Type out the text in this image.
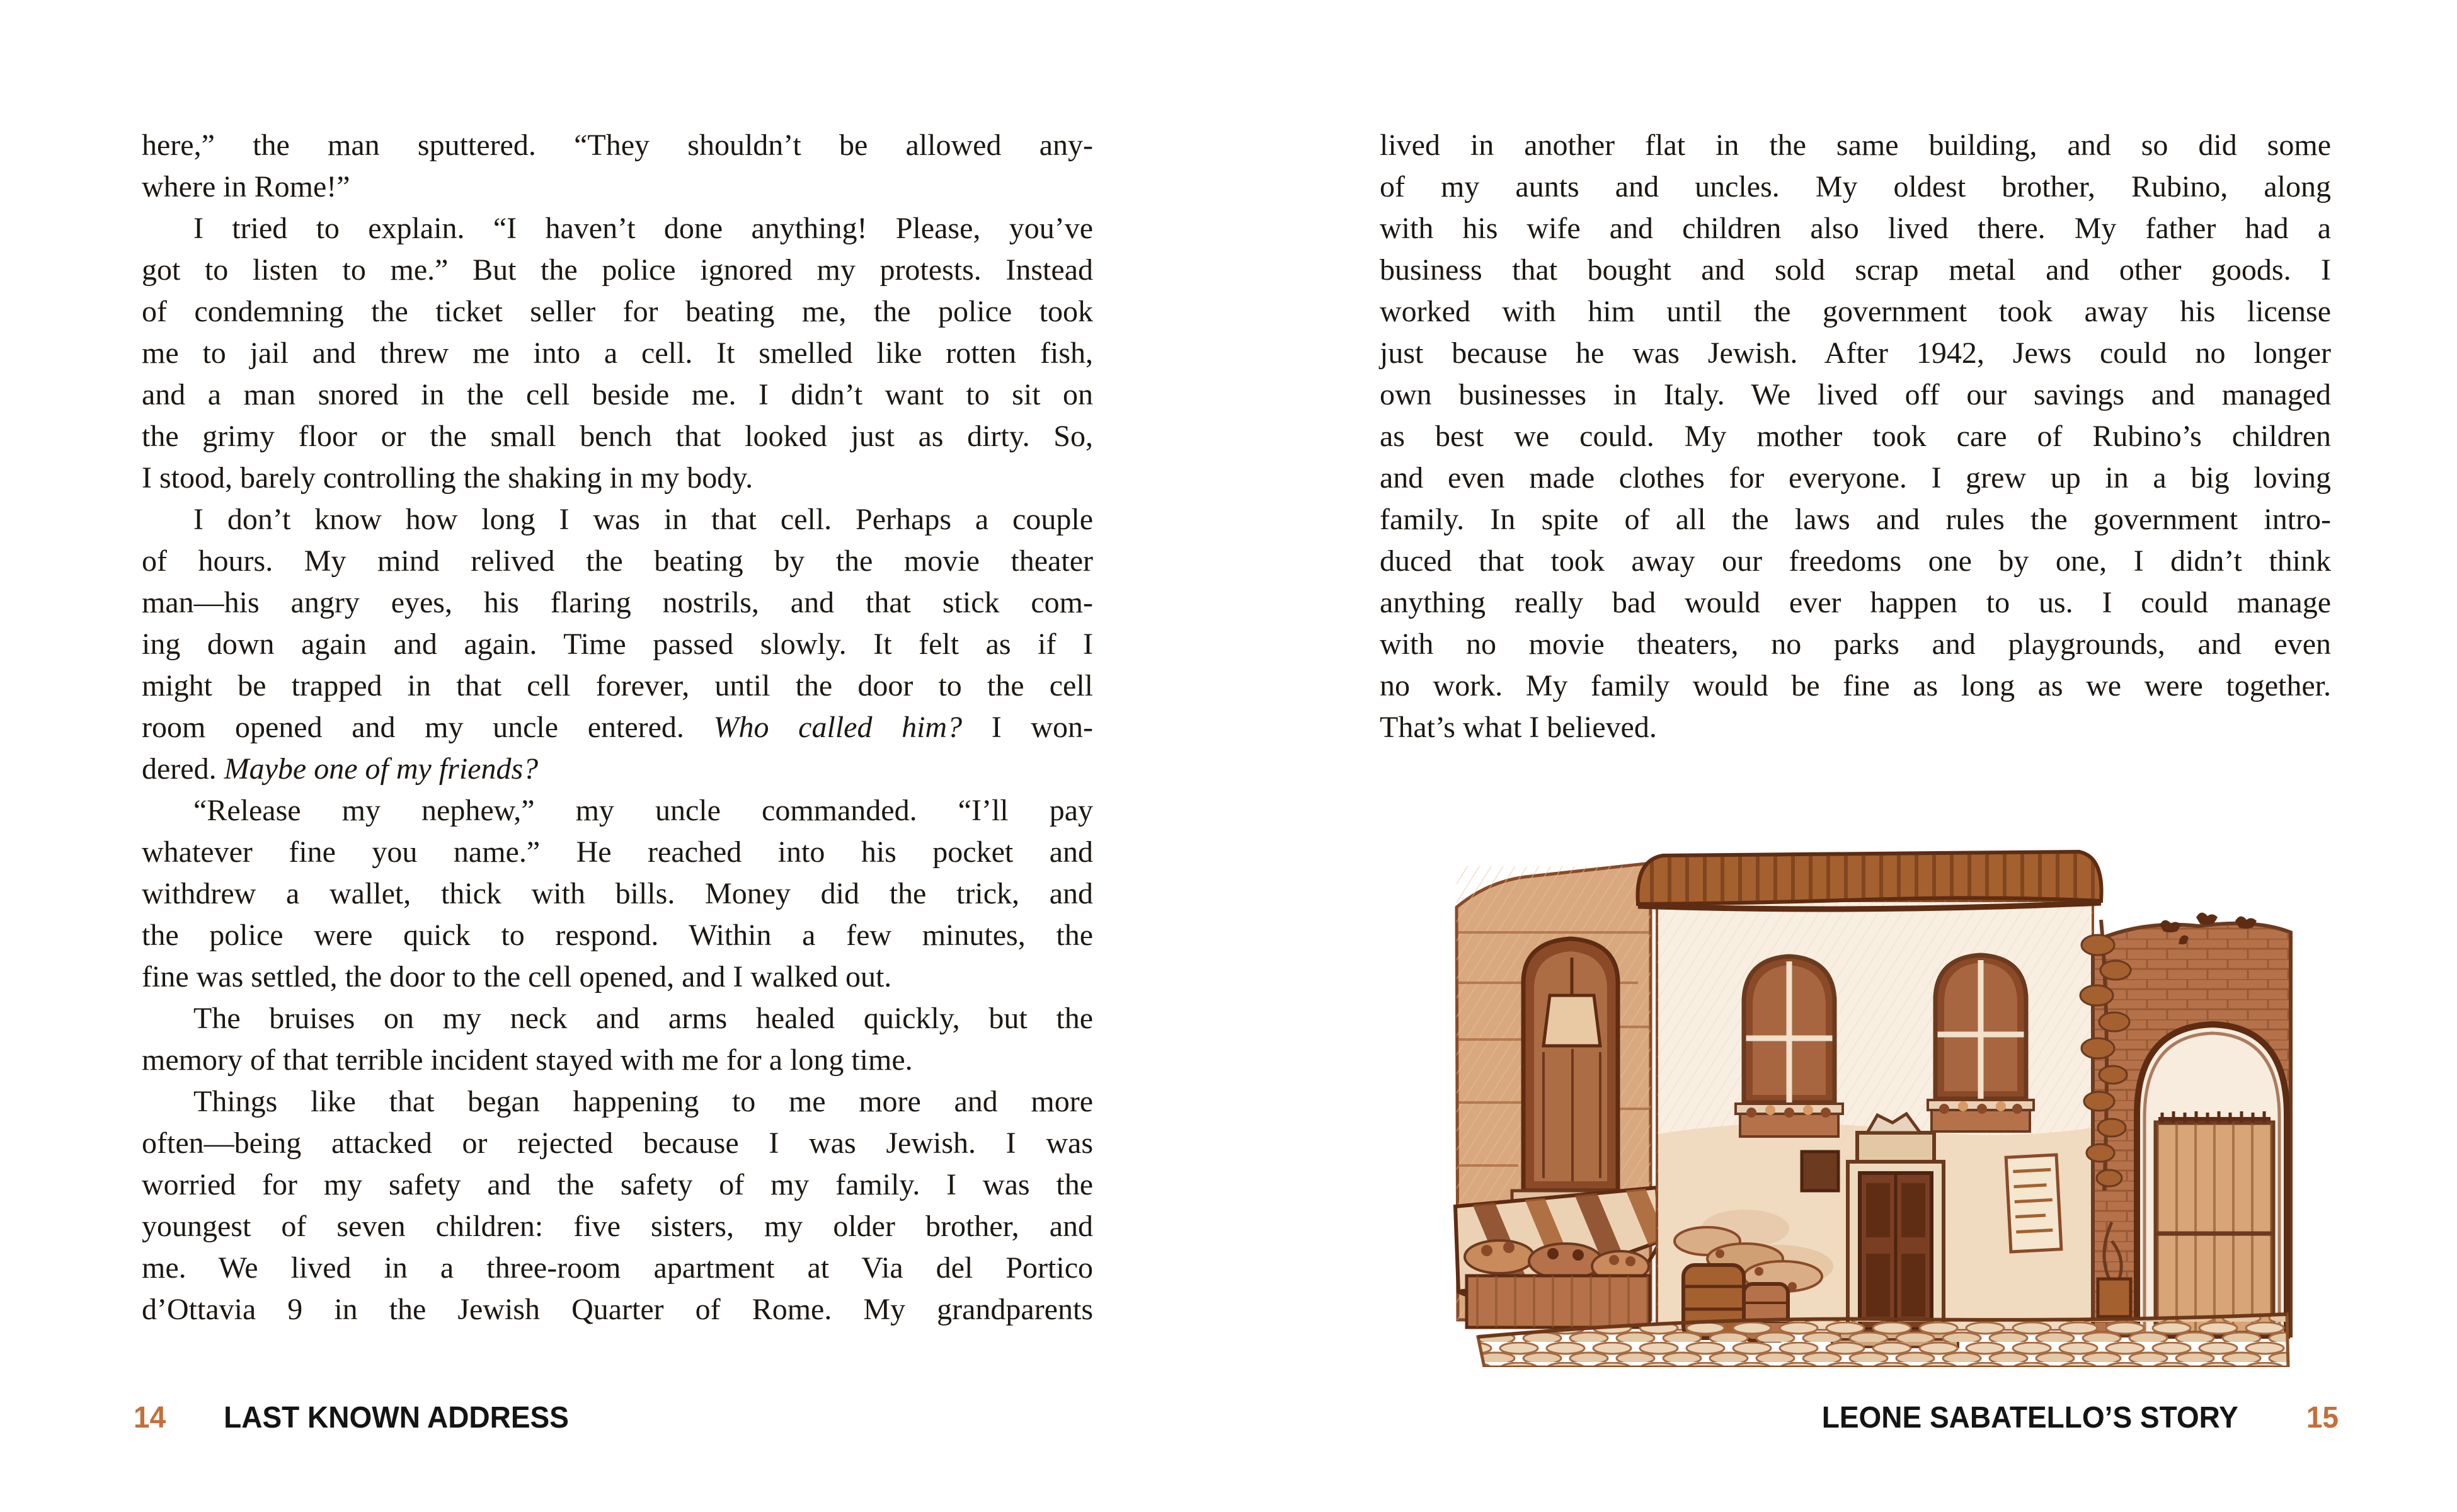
here,” the man sputtered. “They shouldn’t be allowed any-
where in Rome!”
I tried to explain. “I haven’t done anything! Please, you’ve
got to listen to me.” But the police ignored my protests. Instead
of condemning the ticket seller for beating me, the police took
me to jail and threw me into a cell. It smelled like rotten fish,
and a man snored in the cell beside me. I didn’t want to sit on
the grimy floor or the small bench that looked just as dirty. So,
I stood, barely controlling the shaking in my body.
I don’t know how long I was in that cell. Perhaps a couple
of hours. My mind relived the beating by the movie theater
man—his angry eyes, his flaring nostrils, and that stick com-
ing down again and again. Time passed slowly. It felt as if I
might be trapped in that cell forever, until the door to the cell
room opened and my uncle entered. Who called him? I won-
dered. Maybe one of my friends?
“Release my nephew,” my uncle commanded. “I’ll pay
whatever fine you name.” He reached into his pocket and
withdrew a wallet, thick with bills. Money did the trick, and
the police were quick to respond. Within a few minutes, the
fine was settled, the door to the cell opened, and I walked out.
The bruises on my neck and arms healed quickly, but the
memory of that terrible incident stayed with me for a long time.
Things like that began happening to me more and more
often—being attacked or rejected because I was Jewish. I was
worried for my safety and the safety of my family. I was the
youngest of seven children: five sisters, my older brother, and
me. We lived in a three-room apartment at Via del Portico
d’Ottavia 9 in the Jewish Quarter of Rome. My grandparents
14 LAST KNOWN ADDRESS
lived in another flat in the same building, and so did some
of my aunts and uncles. My oldest brother, Rubino, along
with his wife and children also lived there. My father had a
business that bought and sold scrap metal and other goods. I
worked with him until the government took away his license
just because he was Jewish. After 1942, Jews could no longer
own businesses in Italy. We lived off our savings and managed
as best we could. My mother took care of Rubino’s children
and even made clothes for everyone. I grew up in a big loving
family. In spite of all the laws and rules the government intro-
duced that took away our freedoms one by one, I didn’t think
anything really bad would ever happen to us. I could manage
with no movie theaters, no parks and playgrounds, and even
no work. My family would be fine as long as we were together.
That’s what I believed.
LEONE SABATELLO’S STORY 15
